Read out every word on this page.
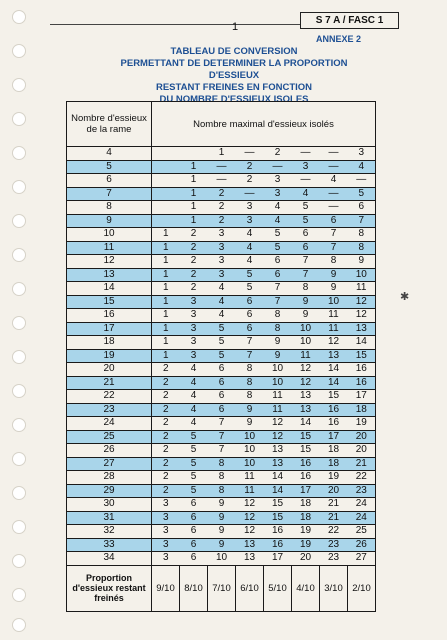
1
S 7 A / FASC 1
ANNEXE 2
TABLEAU DE CONVERSION
PERMETTANT DE DETERMINER LA PROPORTION D'ESSIEUX
RESTANT FREINES EN FONCTION
DU NOMBRE D'ESSIEUX ISOLES
Nombre d'essieux de la rame	Nombre maximal d'essieux isolés							
4			1	—	2	—	—	3
5		1	—	2	—	3	—	4
6		1	—	2	3	—	4	—
7		1	2	—	3	4	—	5
8		1	2	3	4	5	—	6
9		1	2	3	4	5	6	7
10	1	2	3	4	5	6	7	8
11	1	2	3	4	5	6	7	8
12	1	2	3	4	6	7	8	9
13	1	2	3	5	6	7	9	10
14	1	2	4	5	7	8	9	11
15	1	3	4	6	7	9	10	12
16	1	3	4	6	8	9	11	12
17	1	3	5	6	8	10	11	13
18	1	3	5	7	9	10	12	14
19	1	3	5	7	9	11	13	15
20	2	4	6	8	10	12	14	16
21	2	4	6	8	10	12	14	16
22	2	4	6	8	11	13	15	17
23	2	4	6	9	11	13	16	18
24	2	4	7	9	12	14	16	19
25	2	5	7	10	12	15	17	20
26	2	5	7	10	13	15	18	20
27	2	5	8	10	13	16	18	21
28	2	5	8	11	14	16	19	22
29	2	5	8	11	14	17	20	23
30	3	6	9	12	15	18	21	24
31	3	6	9	12	15	18	21	24
32	3	6	9	12	16	19	22	25
33	3	6	9	13	16	19	23	26
34	3	6	10	13	17	20	23	27
Proportion d'essieux restant freinés	9/10	8/10	7/10	6/10	5/10	4/10	3/10	2/10
✱
